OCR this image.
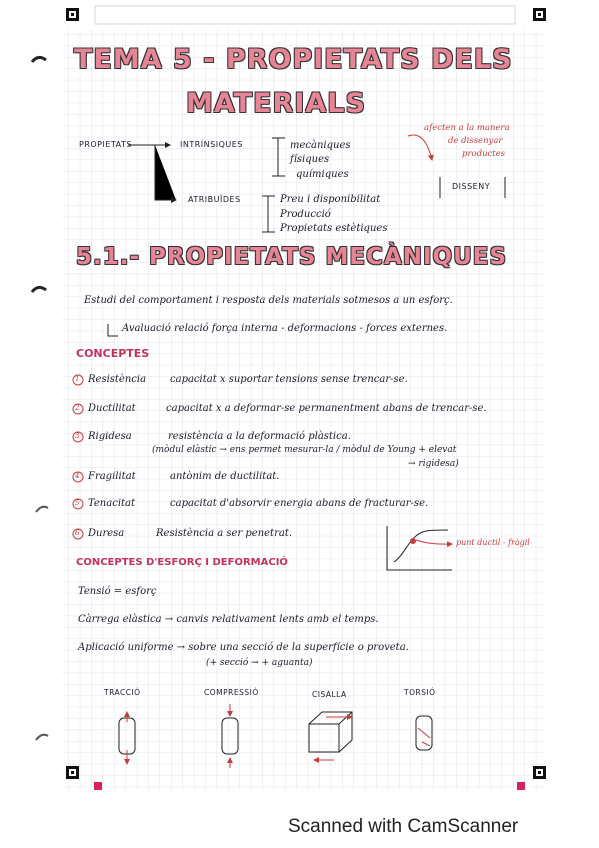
TEMA 5 - PROPIETATS DELS
MATERIALS
PROPIETATS	INTRÍNSIQUES	mecàniques
físiques
químiques
ATRIBUÏDES	Preu i disponibilitat
Producció
Propietats estètiques
afecten a la manera
de dissenyar
productes
DISSENY
5.1.- PROPIETATS MECÀNIQUES
Estudi del comportament i resposta dels materials sotmesos a un esforç.
Avaluació relació força interna - deformacions - forces externes.
CONCEPTES
1 Resistència capacitat x suportar tensions sense trencar-se.
2 Ductilitat	capacitat x a deformar-se permanentment abans de trencar-se.
3 Rigidesa	resistència a la deformació plàstica.
(mòdul elàstic → ens permet mesurar-la / mòdul de Young + elevat
→ rigidesa)
4 Fragilitat	antònim de ductilitat.
5 Tenacitat	capacitat d'absorvir energia abans de fracturar-se.
6 Duresa	Resistència a ser penetrat.
punt dúctil - fràgil
CONCEPTES D'ESFORÇ I DEFORMACIÓ
Tensió = esforç
Càrrega elàstica → canvis relativament lents amb el temps.
Aplicació uniforme → sobre una secció de la superfície o proveta.
(+ secció → + aguanta)
TRACCIÓ	COMPRESSIÓ	CISALLA	TORSIÓ
Scanned with CamScanner
